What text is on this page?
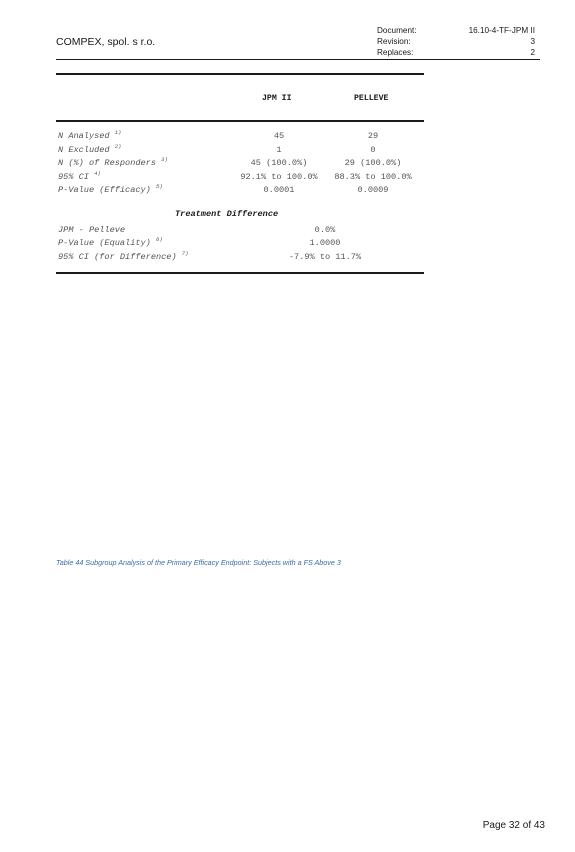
COMPEX, spol. s r.o.
Document:	16.10-4-TF-JPM II
Revision:	3
Replaces:	2
JPM II	PELLEVE
N Analysed $^{1)}$	45	29
N Excluded $^{2)}$	1	0
N (%) of Responders $^{3)}$	45 (100.0%)	29 (100.0%)
95% CI $^{4)}$	92.1% to 100.0%	88.3% to 100.0%
P-Value (Efficacy) $^{5)}$	0.0001	0.0009
Treatment Difference
JPM - Pelleve	0.0%
P-Value (Equality) $^{6)}$	1.0000
95% CI (for Difference) $^{7)}$	-7.9% to 11.7%
Table 44 Subgroup Analysis of the Primary Efficacy Endpoint: Subjects with a FS Above 3
Page 32 of 43
